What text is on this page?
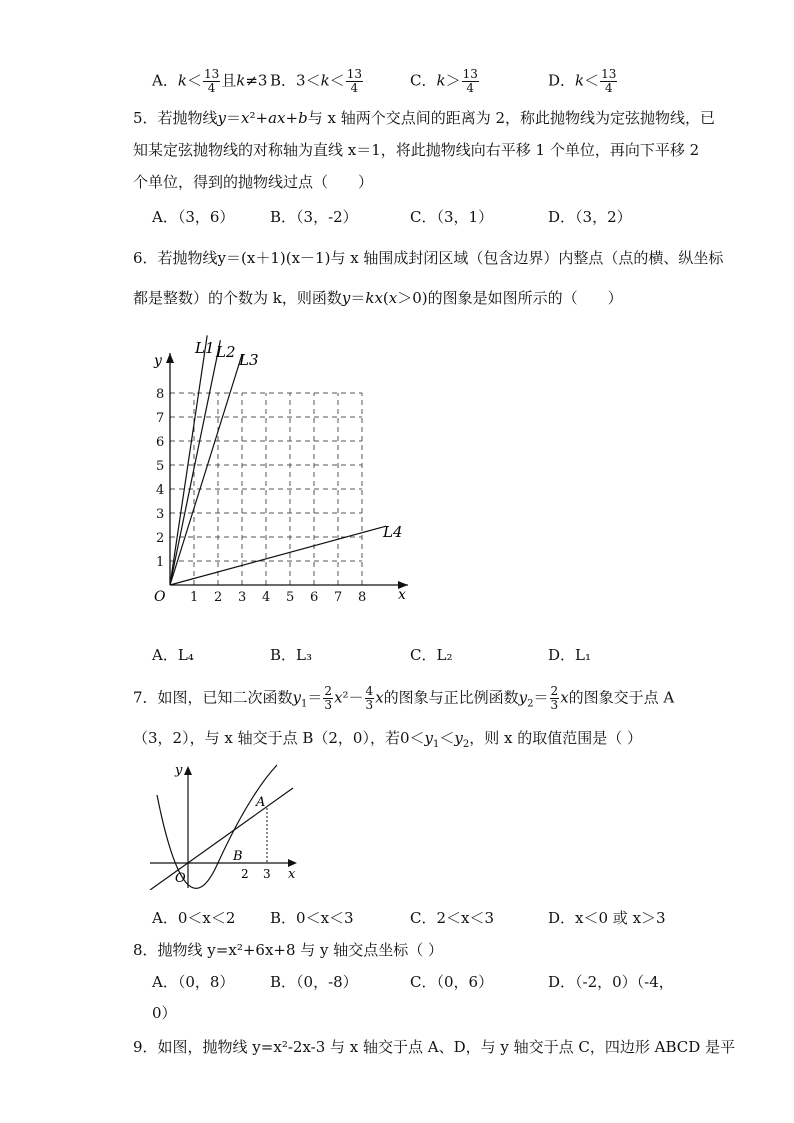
A．$k< \frac{13}{4}$ 且k≠3 B．$3<k< \frac{13}{4}$	C．$k> \frac{13}{4}$	D．$k< \frac{13}{4}$
5．若抛物线y＝x²+ax+b与 x 轴两个交点间的距离为 2，称此抛物线为定弦抛物线，已
知某定弦抛物线的对称轴为直线 x＝1，将此抛物线向右平移 1 个单位，再向下平移 2
个单位，得到的抛物线过点（　　）
A．（3，6） B．（3，-2）	C．（3，1）	D．（3，2）
6．若抛物线y＝(x＋1)(x－1)与 x 轴围成封闭区域（包含边界）内整点（点的横、纵坐标
都是整数）的个数为 k，则函数y＝kx(x＞0)的图象是如图所示的（　　）
1 2 3 4 5 6 7 8
1
2
3
4
5
6
7
8
O	x
y
L1 L2 L3
L4
A．L₄	B．L₃	C．L₂	D．L₁
7．如图，已知二次函数$y_1= \frac{2}{3} x^2- \frac{4}{3}$ x的图象与正比例函数$y_2= \frac{2}{3}$ x的图象交于点 A
（3，2），与 x 轴交于点 B（2，0），若$0<y_1<y_2$，则 x 的取值范围是（ ）
A
B
O	2 3 x
y
A．0＜x＜2 B．0＜x＜3	C．2＜x＜3	D．x＜0 或 x＞3
8．抛物线 y=x²+6x+8 与 y 轴交点坐标（ ）
A．（0，8） B．（0，-8）	C．（0，6）	D．（-2，0）（-4，
0）
9．如图，抛物线 y=x²-2x-3 与 x 轴交于点 A、D，与 y 轴交于点 C，四边形 ABCD 是平
